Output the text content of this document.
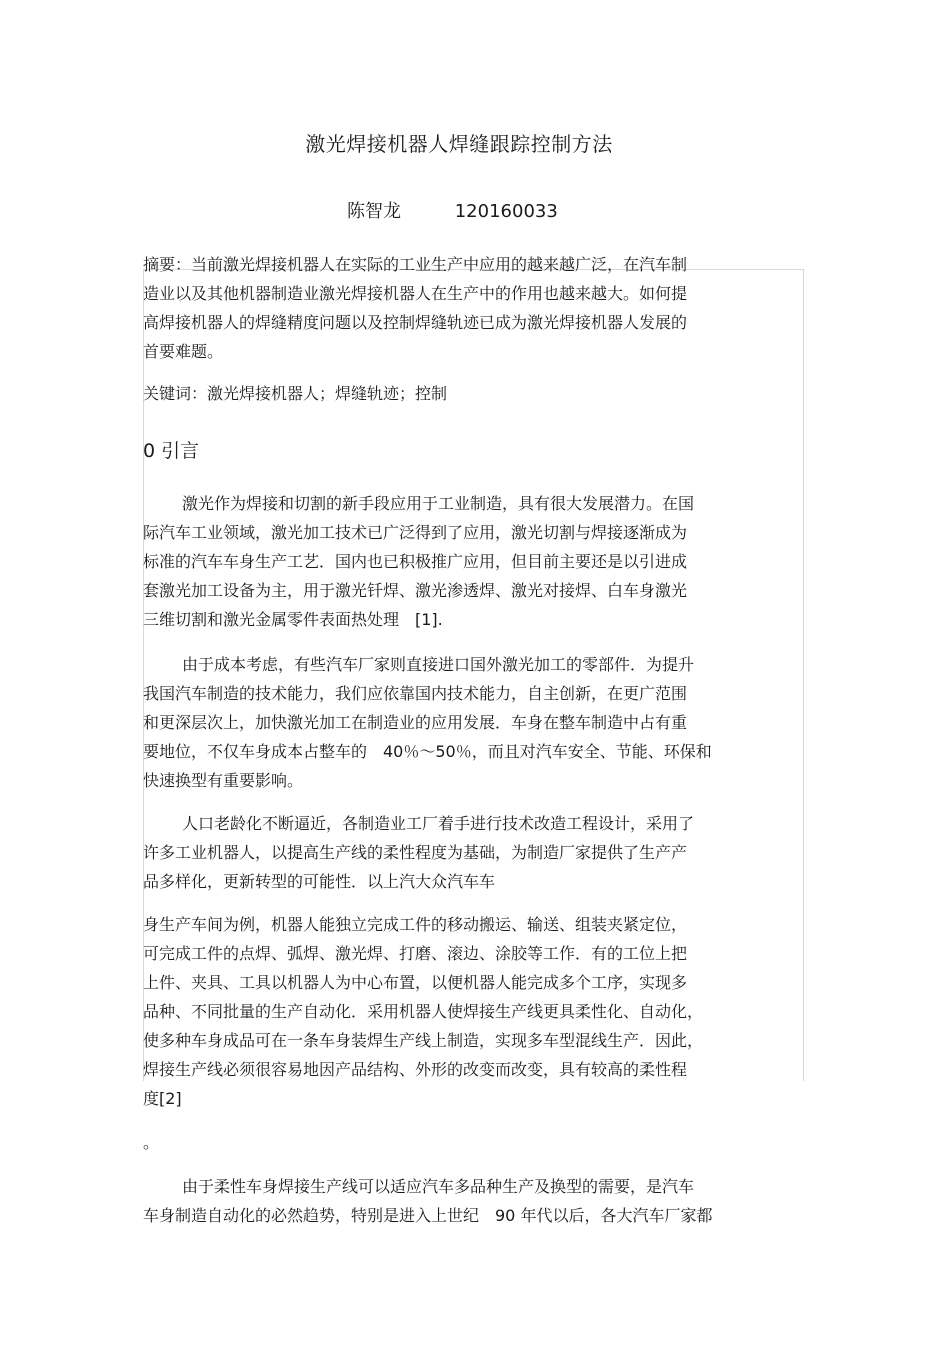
激光焊接机器人焊缝跟踪控制方法
陈智龙	120160033
摘要：当前激光焊接机器人在实际的工业生产中应用的越来越广泛，在汽车制
造业以及其他机器制造业激光焊接机器人在生产中的作用也越来越大。如何提
高焊接机器人的焊缝精度问题以及控制焊缝轨迹已成为激光焊接机器人发展的
首要难题。
关键词：激光焊接机器人；焊缝轨迹；控制
0 引言
激光作为焊接和切割的新手段应用于工业制造，具有很大发展潜力。在国
际汽车工业领域，激光加工技术已广泛得到了应用，激光切割与焊接逐渐成为
标准的汽车车身生产工艺．国内也已积极推广应用，但目前主要还是以引进成
套激光加工设备为主，用于激光钎焊、激光渗透焊、激光对接焊、白车身激光
三维切割和激光金属零件表面热处理　[1].
由于成本考虑，有些汽车厂家则直接进口国外激光加工的零部件．为提升
我国汽车制造的技术能力，我们应依靠国内技术能力，自主创新，在更广范围
和更深层次上，加快激光加工在制造业的应用发展．车身在整车制造中占有重
要地位，不仅车身成本占整车的　40％～50％，而且对汽车安全、节能、环保和
快速换型有重要影响。
人口老龄化不断逼近，各制造业工厂着手进行技术改造工程设计，采用了
许多工业机器人，以提高生产线的柔性程度为基础，为制造厂家提供了生产产
品多样化，更新转型的可能性．以上汽大众汽车车
身生产车间为例，机器人能独立完成工件的移动搬运、输送、组装夹紧定位，
可完成工件的点焊、弧焊、激光焊、打磨、滚边、涂胶等工作．有的工位上把
上件、夹具、工具以机器人为中心布置，以便机器人能完成多个工序，实现多
品种、不同批量的生产自动化．采用机器人使焊接生产线更具柔性化、自动化，
使多种车身成品可在一条车身装焊生产线上制造，实现多车型混线生产．因此，
焊接生产线必须很容易地因产品结构、外形的改变而改变，具有较高的柔性程
度[2]
。
由于柔性车身焊接生产线可以适应汽车多品种生产及换型的需要，是汽车
车身制造自动化的必然趋势，特别是进入上世纪　90 年代以后，各大汽车厂家都
